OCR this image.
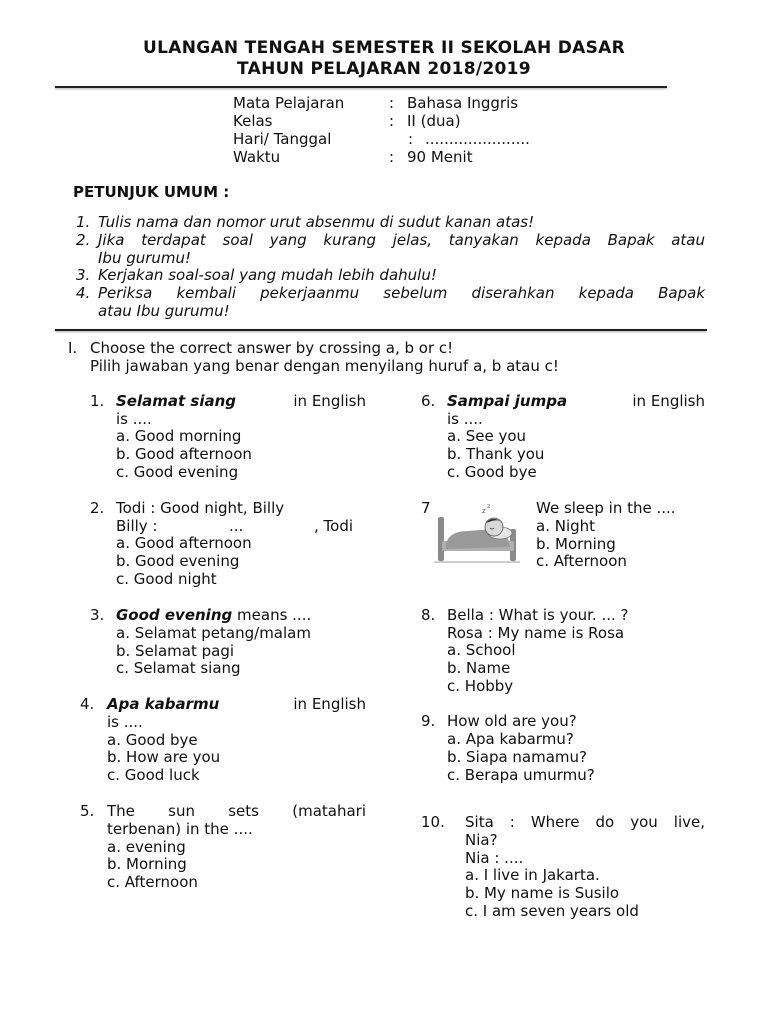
ULANGAN TENGAH SEMESTER II SEKOLAH DASAR
TAHUN PELAJARAN 2018/2019
Mata Pelajaran	: Bahasa Inggris
Kelas	: II (dua)
Hari/ Tanggal	: ......................
Waktu	: 90 Menit
PETUNJUK UMUM :
1. Tulis nama dan nomor urut absenmu di sudut kanan atas!
2. Jika terdapat soal yang kurang jelas, tanyakan kepada Bapak atau
Ibu gurumu!
3. Kerjakan soal-soal yang mudah lebih dahulu!
4. Periksa kembali pekerjaanmu sebelum diserahkan kepada Bapak
atau Ibu gurumu!
I. Choose the correct answer by crossing a, b or c!
Pilih jawaban yang benar dengan menyilang huruf a, b atau c!
1. Selamat siang	in English
is ....
a. Good morning
b. Good afternoon
c. Good evening
2. Todi : Good night, Billy
Billy :	...	, Todi
a. Good afternoon
b. Good evening
c. Good night
3. Good evening means ....
a. Selamat petang/malam
b. Selamat pagi
c. Selamat siang
4. Apa kabarmu	in English
is ....
a. Good bye
b. How are you
c. Good luck
5. The sun sets (matahari
terbenan) in the ....
a. evening
b. Morning
c. Afternoon
6. Sampai jumpa	in English
is ....
a. See you
b. Thank you
c. Good bye
7	z
z	We sleep in the ....
a. Night
b. Morning
c. Afternoon
8. Bella : What is your. ... ?
Rosa : My name is Rosa
a. School
b. Name
c. Hobby
9. How old are you?
a. Apa kabarmu?
b. Siapa namamu?
c. Berapa umurmu?
10. Sita : Where do you live,
Nia?
Nia : ....
a. I live in Jakarta.
b. My name is Susilo
c. I am seven years old
